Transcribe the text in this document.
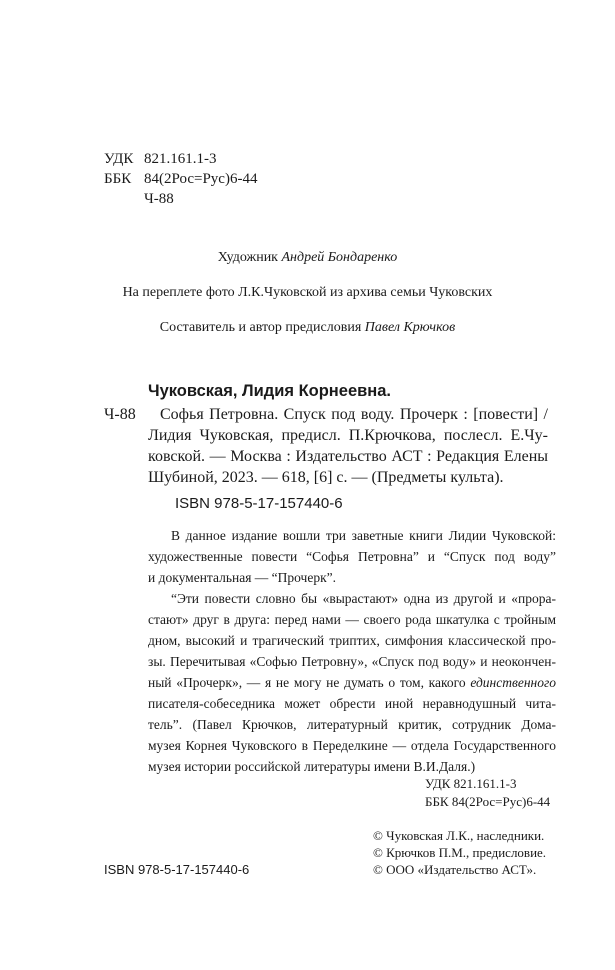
УДК 821.161.1-3
ББК 84(2Рос=Рус)6-44
Ч-88
Художник Андрей Бондаренко
На переплете фото Л.К.Чуковской из архива семьи Чуковских
Составитель и автор предисловия Павел Крючков
Чуковская, Лидия Корнеевна.
Ч-88 Софья Петровна. Спуск под воду. Прочерк : [повести] /
Лидия Чуковская, предисл. П.Крючкова, послесл. Е.Чу-
ковской. — Москва : Издательство АСТ : Редакция Елены
Шубиной, 2023. — 618, [6] с. — (Предметы культа).
ISBN 978-5-17-157440-6

В данное издание вошли три заветные книги Лидии Чуковской:

художественные повести “Софья Петровна” и “Спуск под воду”

и документальная — “Прочерк”.

“Эти повести словно бы «вырастают» одна из другой и «прора-

стают» друг в друга: перед нами — своего рода шкатулка с тройным

дном, высокий и трагический триптих, симфония классической про-

зы. Перечитывая «Софью Петровну», «Спуск под воду» и неокончен-

ный «Прочерк», — я не могу не думать о том, какого единственного

писателя-собеседника может обрести иной неравнодушный чита-

тель”. (Павел Крючков, литературный критик, сотрудник Дома-

музея Корнея Чуковского в Переделкине — отдела Государственного

музея истории российской литературы имени В.И.Даля.)

УДК 821.161.1-3
ББК 84(2Рос=Рус)6-44
© Чуковская Л.К., наследники.
© Крючков П.М., предисловие.
© ООО «Издательство АСТ».
ISBN 978-5-17-157440-6
